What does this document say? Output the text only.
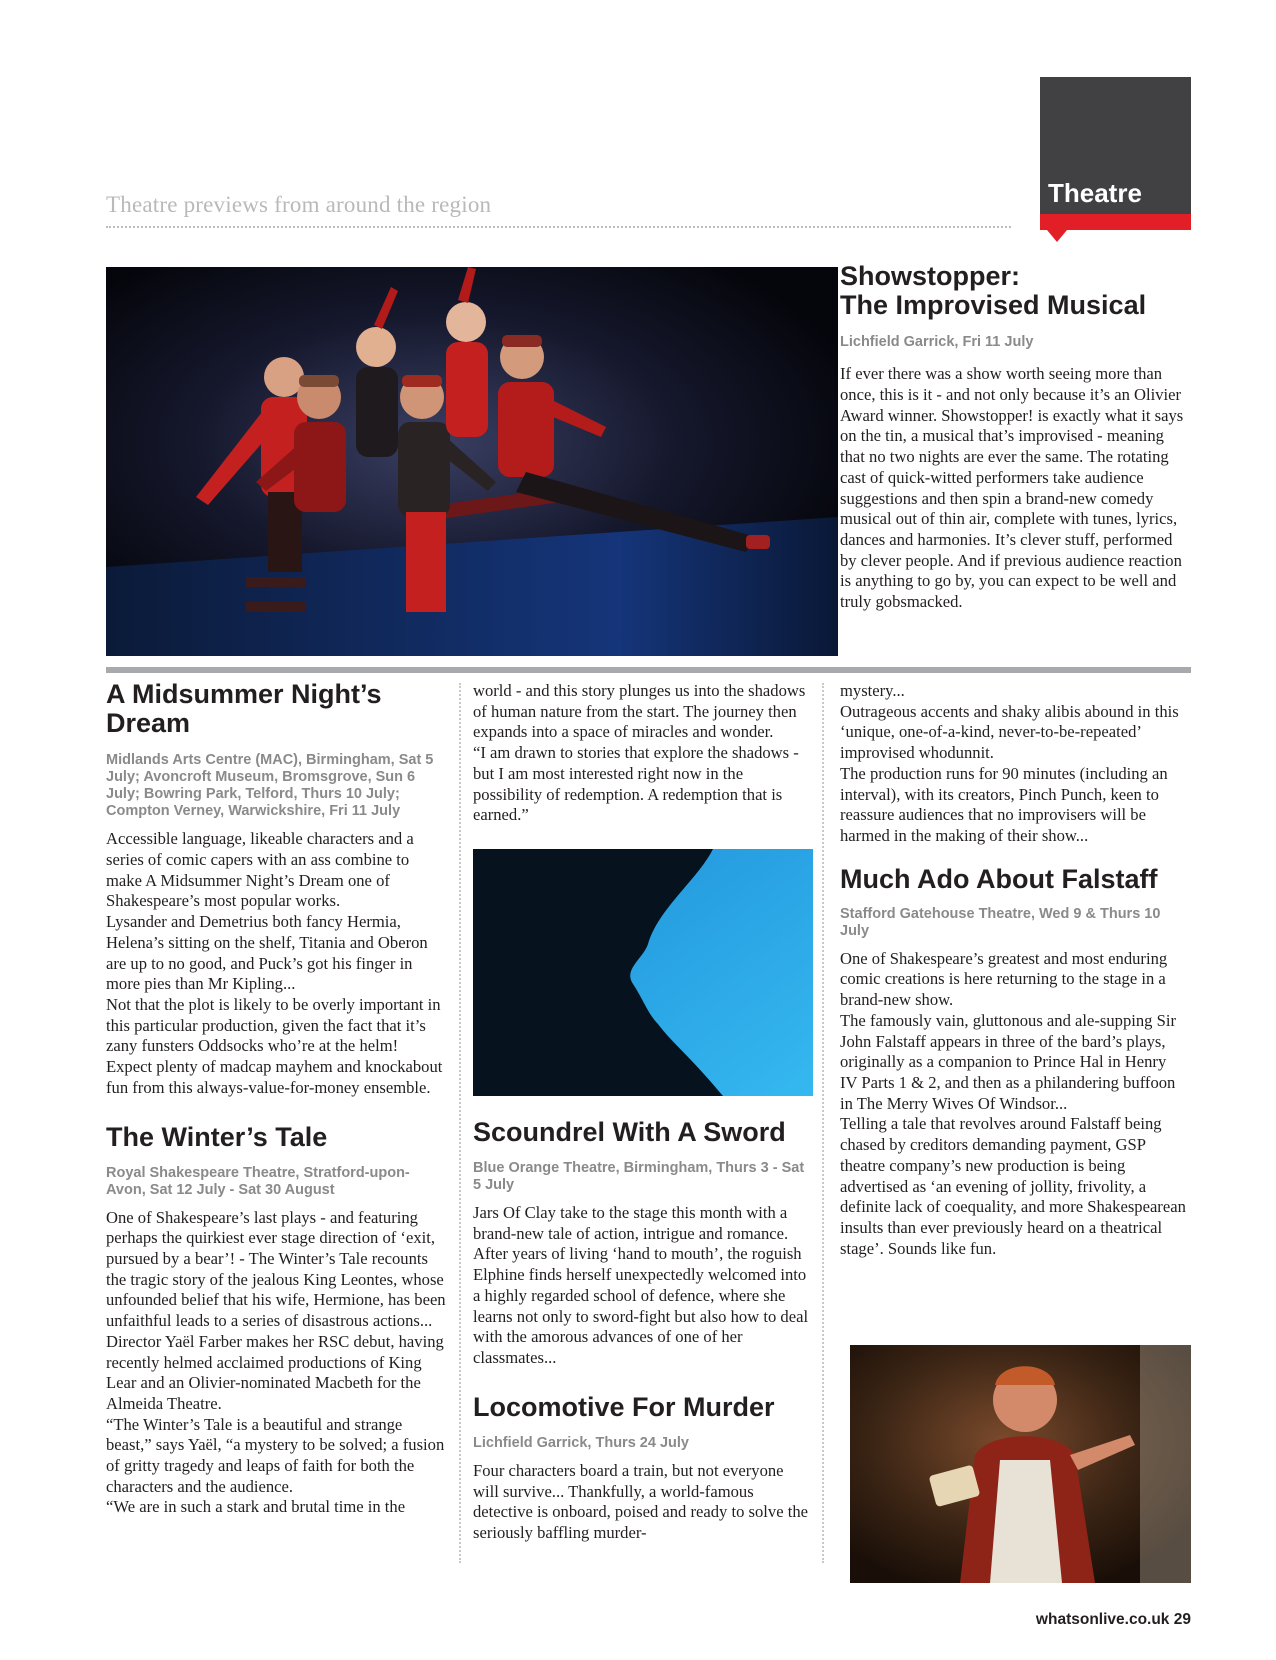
Theatre previews from around the region	Theatre
Showstopper:
The Improvised Musical

Lichfield Garrick, Fri 11 July

If ever there was a show worth seeing more than once, this is it - and not only because it’s an Olivier Award winner. Showstopper! is exactly what it says on the tin, a musical that’s improvised - meaning that no two nights are ever the same. The rotating cast of quick-witted performers take audience suggestions and then spin a brand-new comedy musical out of thin air, complete with tunes, lyrics, dances and harmonies. It’s clever stuff, performed by clever people. And if previous audience reaction is anything to go by, you can expect to be well and truly gobsmacked.

A Midsummer Night’s Dream

Midlands Arts Centre (MAC), Birmingham, Sat 5 July; Avoncroft Museum, Bromsgrove, Sun 6 July; Bowring Park, Telford, Thurs 10 July; Compton Verney, Warwickshire, Fri 11 July

Accessible language, likeable characters and a series of comic capers with an ass combine to make A Midsummer Night’s Dream one of Shakespeare’s most popular works.

Lysander and Demetrius both fancy Hermia, Helena’s sitting on the shelf, Titania and Oberon are up to no good, and Puck’s got his finger in more pies than Mr Kipling...

Not that the plot is likely to be overly important in this particular production, given the fact that it’s zany funsters Oddsocks who’re at the helm! Expect plenty of madcap mayhem and knockabout fun from this always-value-for-money ensemble.

The Winter’s Tale

Royal Shakespeare Theatre, Stratford-upon-Avon, Sat 12 July - Sat 30 August

One of Shakespeare’s last plays - and featuring perhaps the quirkiest ever stage direction of ‘exit, pursued by a bear’! - The Winter’s Tale recounts the tragic story of the jealous King Leontes, whose unfounded belief that his wife, Hermione, has been unfaithful leads to a series of disastrous actions...

Director Yaël Farber makes her RSC debut, having recently helmed acclaimed productions of King Lear and an Olivier-nominated Macbeth for the Almeida Theatre.

“The Winter’s Tale is a beautiful and strange beast,” says Yaël, “a mystery to be solved; a fusion of gritty tragedy and leaps of faith for both the characters and the audience.

“We are in such a stark and brutal time in the

world - and this story plunges us into the shadows of human nature from the start. The journey then expands into a space of miracles and wonder.

“I am drawn to stories that explore the shadows - but I am most interested right now in the possibility of redemption. A redemption that is earned.”

Scoundrel With A Sword

Blue Orange Theatre, Birmingham, Thurs 3 - Sat 5 July

Jars Of Clay take to the stage this month with a brand-new tale of action, intrigue and romance.

After years of living ‘hand to mouth’, the roguish Elphine finds herself unexpectedly welcomed into a highly regarded school of defence, where she learns not only to sword-fight but also how to deal with the amorous advances of one of her classmates...

Locomotive For Murder

Lichfield Garrick, Thurs 24 July

Four characters board a train, but not everyone will survive... Thankfully, a world-famous detective is onboard, poised and ready to solve the seriously baffling murder-

mystery...

Outrageous accents and shaky alibis abound in this ‘unique, one-of-a-kind, never-to-be-repeated’ improvised whodunnit.

The production runs for 90 minutes (including an interval), with its creators, Pinch Punch, keen to reassure audiences that no improvisers will be harmed in the making of their show...

Much Ado About Falstaff

Stafford Gatehouse Theatre, Wed 9 & Thurs 10 July

One of Shakespeare’s greatest and most enduring comic creations is here returning to the stage in a brand-new show.

The famously vain, gluttonous and ale-supping Sir John Falstaff appears in three of the bard’s plays, originally as a companion to Prince Hal in Henry IV Parts 1 & 2, and then as a philandering buffoon in The Merry Wives Of Windsor...

Telling a tale that revolves around Falstaff being chased by creditors demanding payment, GSP theatre company’s new production is being advertised as ‘an evening of jollity, frivolity, a definite lack of coequality, and more Shakespearean insults than ever previously heard on a theatrical stage’. Sounds like fun.

whatsonlive.co.uk 29
